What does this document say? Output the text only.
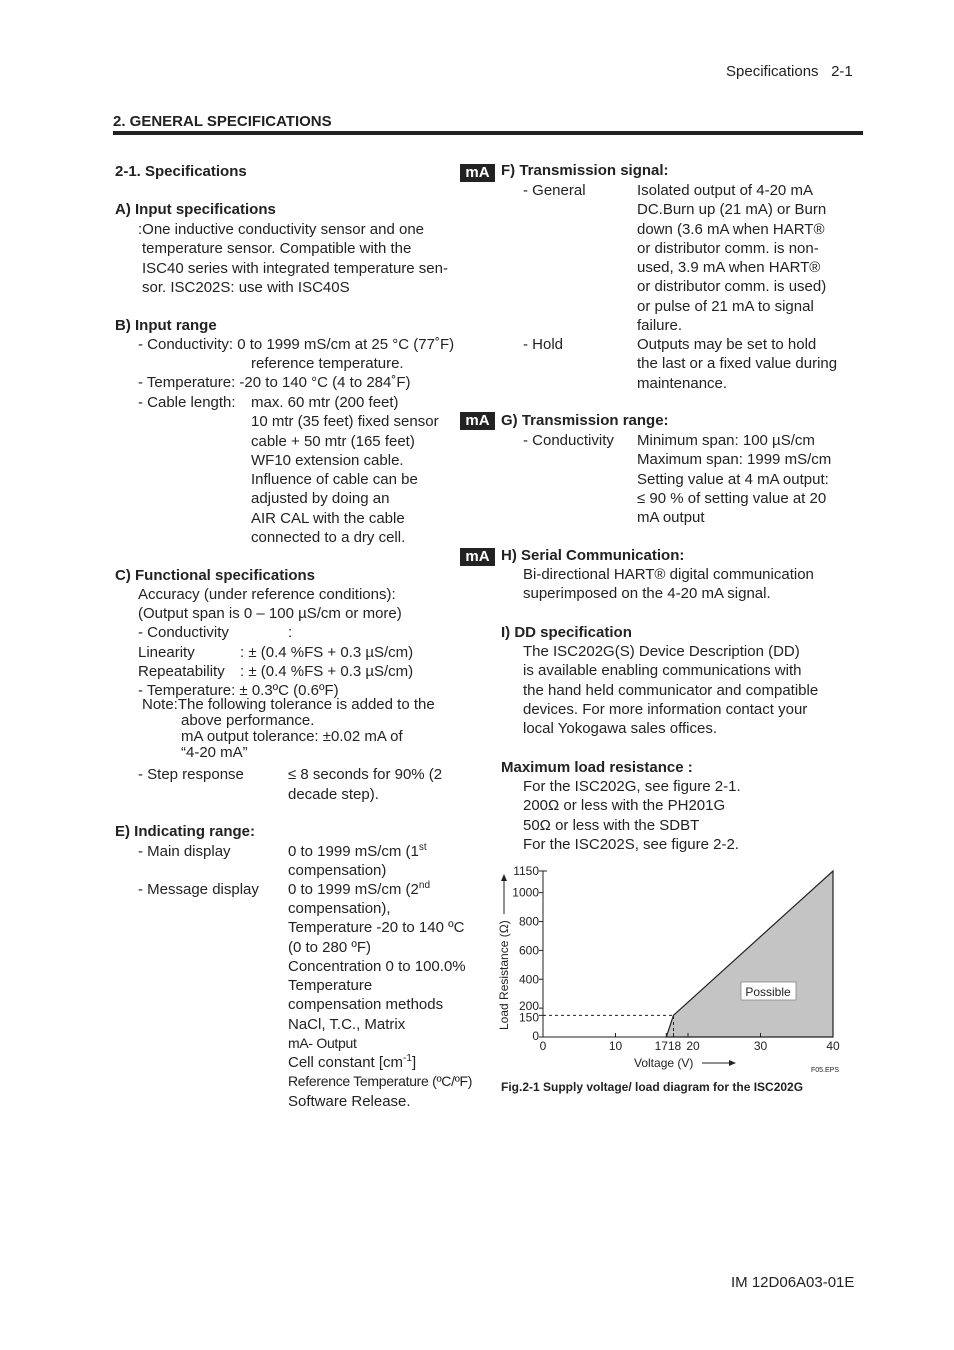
Specifications 2-1
2. GENERAL SPECIFICATIONS
2-1. Specifications
A) Input specifications
:One inductive conductivity sensor and one
temperature sensor. Compatible with the
ISC40 series with integrated temperature sen-
sor. ISC202S: use with ISC40S
B) Input range
- Conductivity: 0 to 1999 mS/cm at 25 °C (77˚F)
reference temperature.
- Temperature: -20 to 140 °C (4 to 284˚F)
- Cable length: max. 60 mtr (200 feet)
10 mtr (35 feet) fixed sensor
cable + 50 mtr (165 feet)
WF10 extension cable.
Influence of cable can be
adjusted by doing an
AIR CAL with the cable
connected to a dry cell.
C) Functional specifications
Accuracy (under reference conditions):
(Output span is 0 – 100 µS/cm or more)
- Conductivity	:
Linearity	: ± (0.4 %FS + 0.3 µS/cm)
Repeatability : ± (0.4 %FS + 0.3 µS/cm)
- Temperature: ± 0.3ºC (0.6ºF)
Note:The following tolerance is added to the
above performance.
mA output tolerance: ±0.02 mA of
“4-20 mA”
- Step response	≤ 8 seconds for 90% (2
decade step).
E) Indicating range:
- Main display	0 to 1999 mS/cm (1st
compensation)
- Message display 0 to 1999 mS/cm (2nd
compensation),
Temperature -20 to 140 ºC
(0 to 280 ºF)
Concentration 0 to 100.0%
Temperature
compensation methods
NaCl, T.C., Matrix
mA- Output
Cell constant $[cm^{-1}]$
Reference Temperature (ºC/ºF)
Software Release.
mA F) Transmission signal:
- General	Isolated output of 4-20 mA
DC.Burn up (21 mA) or Burn
down (3.6 mA when HART®
or distributor comm. is non-
used, 3.9 mA when HART®
or distributor comm. is used)
or pulse of 21 mA to signal
failure.
- Hold	Outputs may be set to hold
the last or a fixed value during
maintenance.
mA G) Transmission range:
- Conductivity Minimum span: 100 µS/cm
Maximum span: 1999 mS/cm
Setting value at 4 mA output:
≤ 90 % of setting value at 20
mA output
mA H) Serial Communication:
Bi-directional HART® digital communication
superimposed on the 4-20 mA signal.
I) DD specification
The ISC202G(S) Device Description (DD)
is available enabling communications with
the hand held communicator and compatible
devices. For more information contact your
local Yokogawa sales offices.
Maximum load resistance :
For the ISC202G, see figure 2-1.
200Ω or less with the PH201G
50Ω or less with the SDBT
For the ISC202S, see figure 2-2.
Possible
Load Resistance (Ω)
Voltage (V)
F05.EPS
0	10	17 18 20	30	40
0
150
200
400
600
800
1000
1150
Fig.2-1 Supply voltage/ load diagram for the ISC202G
IM 12D06A03-01E
